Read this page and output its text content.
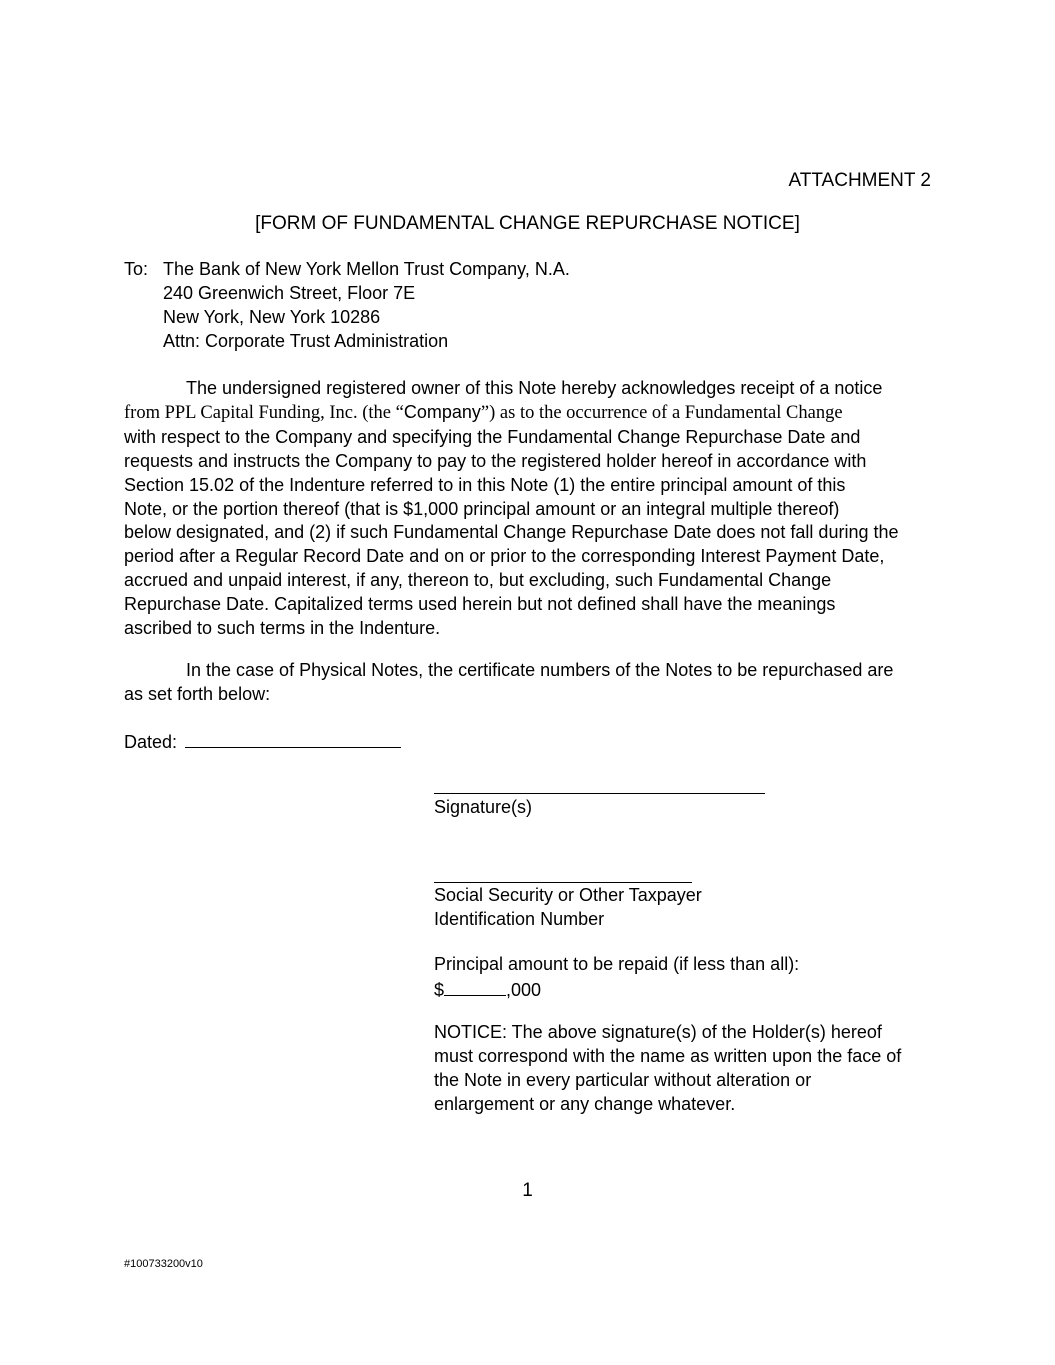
ATTACHMENT 2
[FORM OF FUNDAMENTAL CHANGE REPURCHASE NOTICE]
To: The Bank of New York Mellon Trust Company, N.A.
240 Greenwich Street, Floor 7E
New York, New York 10286
Attn: Corporate Trust Administration
The undersigned registered owner of this Note hereby acknowledges receipt of a notice
from PPL Capital Funding, Inc. (the “Company”) as to the occurrence of a Fundamental Change
with respect to the Company and specifying the Fundamental Change Repurchase Date and
requests and instructs the Company to pay to the registered holder hereof in accordance with
Section 15.02 of the Indenture referred to in this Note (1) the entire principal amount of this
Note, or the portion thereof (that is $1,000 principal amount or an integral multiple thereof)
below designated, and (2) if such Fundamental Change Repurchase Date does not fall during the
period after a Regular Record Date and on or prior to the corresponding Interest Payment Date,
accrued and unpaid interest, if any, thereon to, but excluding, such Fundamental Change
Repurchase Date. Capitalized terms used herein but not defined shall have the meanings
ascribed to such terms in the Indenture.
In the case of Physical Notes, the certificate numbers of the Notes to be repurchased are
as set forth below:
Dated:
Signature(s)
Social Security or Other Taxpayer
Identification Number
Principal amount to be repaid (if less than all):
$	,000
NOTICE: The above signature(s) of the Holder(s) hereof
must correspond with the name as written upon the face of
the Note in every particular without alteration or
enlargement or any change whatever.
1
#100733200v10
